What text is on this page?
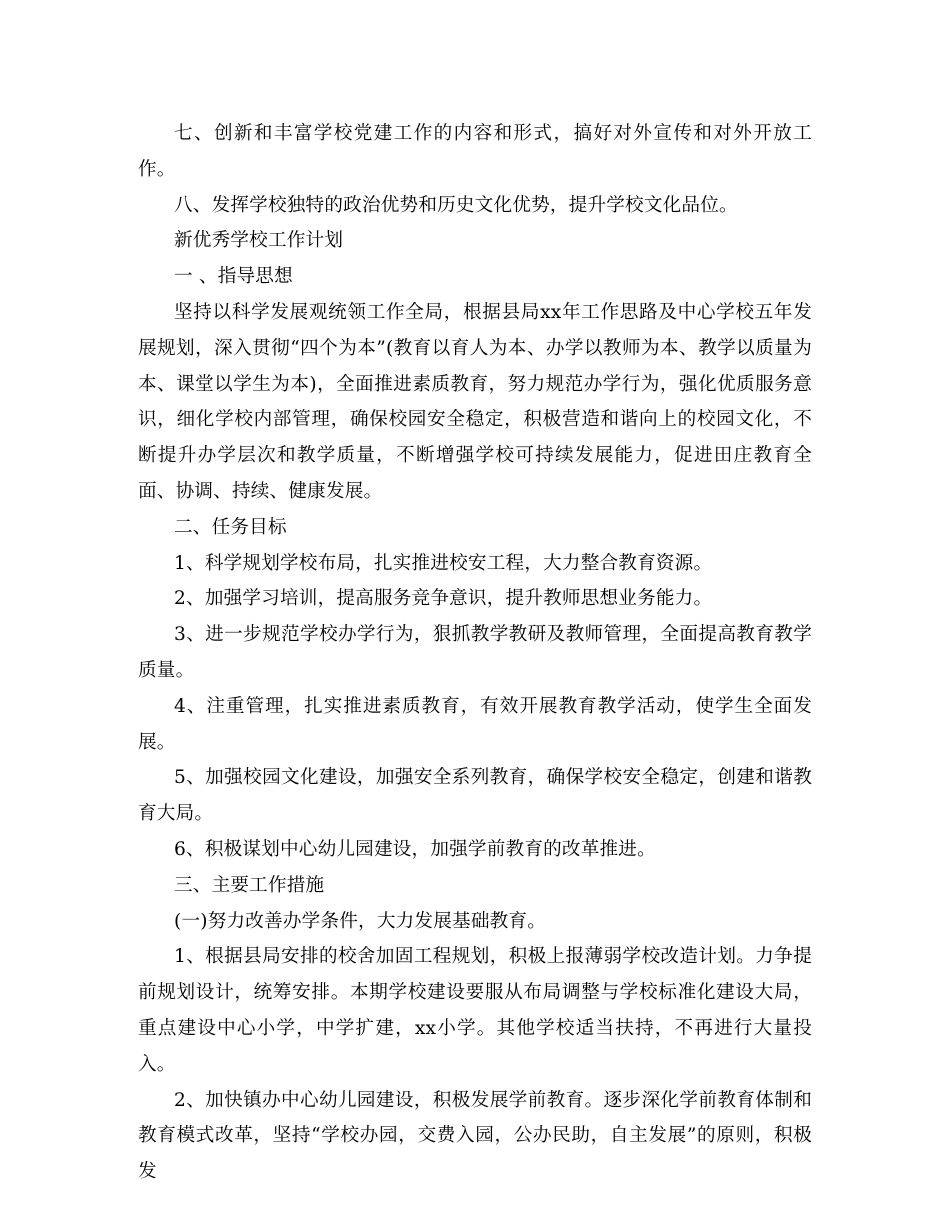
七、创新和丰富学校党建工作的内容和形式，搞好对外宣传和对外开放工作。

八、发挥学校独特的政治优势和历史文化优势，提升学校文化品位。

新优秀学校工作计划

一 、指导思想

坚持以科学发展观统领工作全局，根据县局xx年工作思路及中心学校五年发展规划，深入贯彻“四个为本”(教育以育人为本、办学以教师为本、教学以质量为本、课堂以学生为本)，全面推进素质教育，努力规范办学行为，强化优质服务意识，细化学校内部管理，确保校园安全稳定，积极营造和谐向上的校园文化，不断提升办学层次和教学质量，不断增强学校可持续发展能力，促进田庄教育全面、协调、持续、健康发展。

二、任务目标

1、科学规划学校布局，扎实推进校安工程，大力整合教育资源。

2、加强学习培训，提高服务竞争意识，提升教师思想业务能力。

3、进一步规范学校办学行为，狠抓教学教研及教师管理，全面提高教育教学质量。

4、注重管理，扎实推进素质教育，有效开展教育教学活动，使学生全面发展。

5、加强校园文化建设，加强安全系列教育，确保学校安全稳定，创建和谐教育大局。

6、积极谋划中心幼儿园建设，加强学前教育的改革推进。

三、主要工作措施

(一)努力改善办学条件，大力发展基础教育。

1、根据县局安排的校舍加固工程规划，积极上报薄弱学校改造计划。力争提前规划设计，统筹安排。本期学校建设要服从布局调整与学校标准化建设大局，重点建设中心小学，中学扩建，xx小学。其他学校适当扶持，不再进行大量投入。

2、加快镇办中心幼儿园建设，积极发展学前教育。逐步深化学前教育体制和教育模式改革，坚持“学校办园，交费入园，公办民助，自主发展”的原则，积极发
